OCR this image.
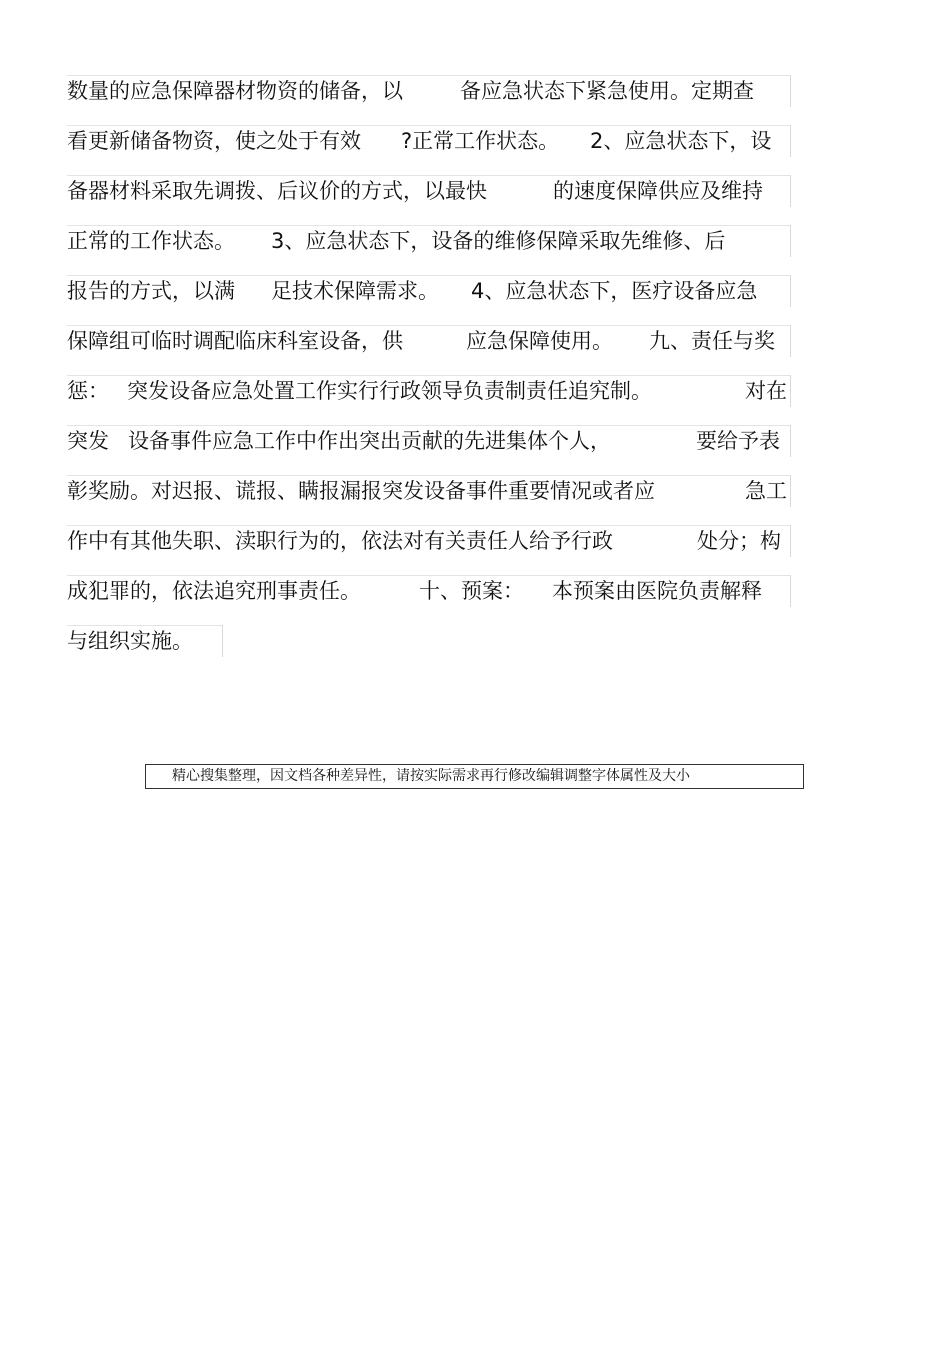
数量的应急保障器材物资的储备，以	备应急状态下紧急使用。定期查
看更新储备物资，使之处于有效 ?正常工作状态。 2、应急状态下，设
备器材料采取先调拨、后议价的方式，以最快	的速度保障供应及维持
正常的工作状态。 3、应急状态下，设备的维修保障采取先维修、后
报告的方式，以满 足技术保障需求。 4、应急状态下，医疗设备应急
保障组可临时调配临床科室设备，供	应急保障使用。 九、责任与奖
惩： 突发设备应急处置工作实行行政领导负责制责任追究制。	对在
突发 设备事件应急工作中作出突出贡献的先进集体个人，	要给予表
彰奖励。对迟报、谎报、瞒报漏报突发设备事件重要情况或者应	急工
作中有其他失职、渎职行为的，依法对有关责任人给予行政	处分；构
成犯罪的，依法追究刑事责任。	十、预案： 本预案由医院负责解释
与组织实施。
精心搜集整理，因文档各种差异性，请按实际需求再行修改编辑调整字体属性及大小
